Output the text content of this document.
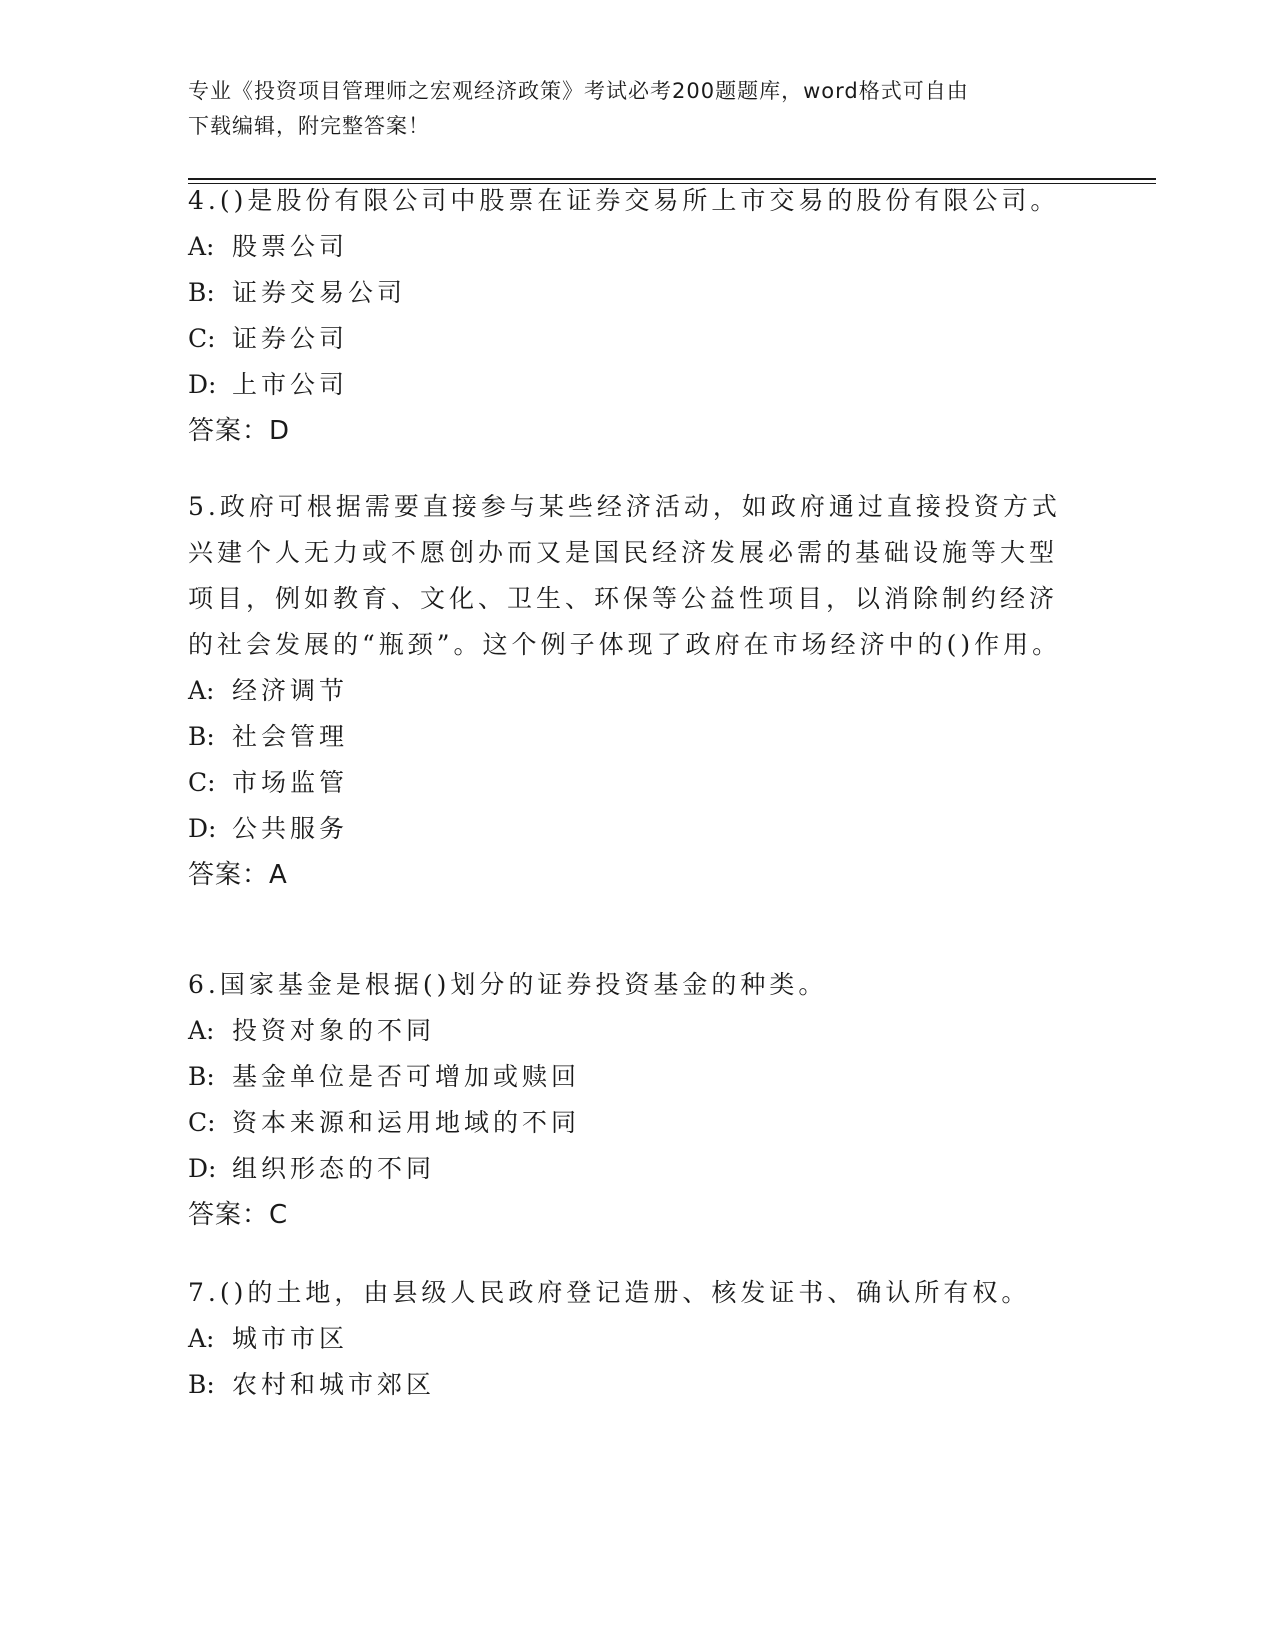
专业《投资项目管理师之宏观经济政策》考试必考200题题库，word格式可自由
下载编辑，附完整答案！
4.()是股份有限公司中股票在证券交易所上市交易的股份有限公司。
A: 股票公司
B: 证券交易公司
C: 证券公司
D: 上市公司
答案：D
5.政府可根据需要直接参与某些经济活动，如政府通过直接投资方式兴建个人无力或不愿创办而又是国民经济发展必需的基础设施等大型项目，例如教育、文化、卫生、环保等公益性项目，以消除制约经济的社会发展的“瓶颈”。这个例子体现了政府在市场经济中的()作用。
A: 经济调节
B: 社会管理
C: 市场监管
D: 公共服务
答案：A
6.国家基金是根据()划分的证券投资基金的种类。
A: 投资对象的不同
B: 基金单位是否可增加或赎回
C: 资本来源和运用地域的不同
D: 组织形态的不同
答案：C
7.()的土地，由县级人民政府登记造册、核发证书、确认所有权。
A: 城市市区
B: 农村和城市郊区
